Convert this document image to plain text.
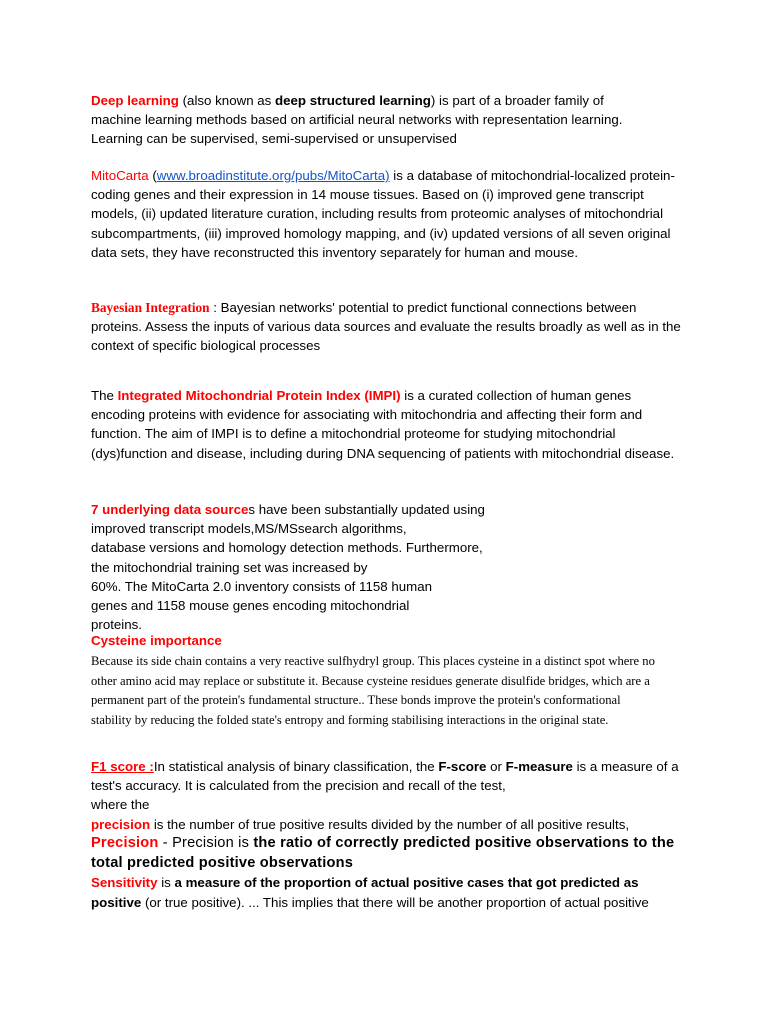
Deep learning (also known as deep structured learning) is part of a broader family of machine learning methods based on artificial neural networks with representation learning. Learning can be supervised, semi-supervised or unsupervised

MitoCarta (www.broadinstitute.org/pubs/MitoCarta) is a database of mitochondrial-localized protein-coding genes and their expression in 14 mouse tissues. Based on (i) improved gene transcript models, (ii) updated literature curation, including results from proteomic analyses of mitochondrial subcompartments, (iii) improved homology mapping, and (iv) updated versions of all seven original data sets, they have reconstructed this inventory separately for human and mouse.

Bayesian Integration : Bayesian networks' potential to predict functional connections between proteins. Assess the inputs of various data sources and evaluate the results broadly as well as in the context of specific biological processes

The Integrated Mitochondrial Protein Index (IMPI) is a curated collection of human genes encoding proteins with evidence for associating with mitochondria and affecting their form and function. The aim of IMPI is to define a mitochondrial proteome for studying mitochondrial (dys)function and disease, including during DNA sequencing of patients with mitochondrial disease.

7 underlying data sources have been substantially updated using
improved transcript models,MS/MSsearch algorithms,
database versions and homology detection methods. Furthermore,
the mitochondrial training set was increased by
60%. The MitoCarta 2.0 inventory consists of 1158 human
genes and 1158 mouse genes encoding mitochondrial
proteins.
Cysteine importance

Because its side chain contains a very reactive sulfhydryl group. This places cysteine in a distinct spot where no other amino acid may replace or substitute it. Because cysteine residues generate disulfide bridges, which are a permanent part of the protein's fundamental structure.. These bonds improve the protein's conformational stability by reducing the folded state's entropy and forming stabilising interactions in the original state.

F1 score :In statistical analysis of binary classification, the F-score or F-measure is a measure of a test's accuracy. It is calculated from the precision and recall of the test,
where the
precision is the number of true positive results divided by the number of all positive results,

Precision - Precision is the ratio of correctly predicted positive observations to the total predicted positive observations

Sensitivity is a measure of the proportion of actual positive cases that got predicted as positive (or true positive). ... This implies that there will be another proportion of actual positive
